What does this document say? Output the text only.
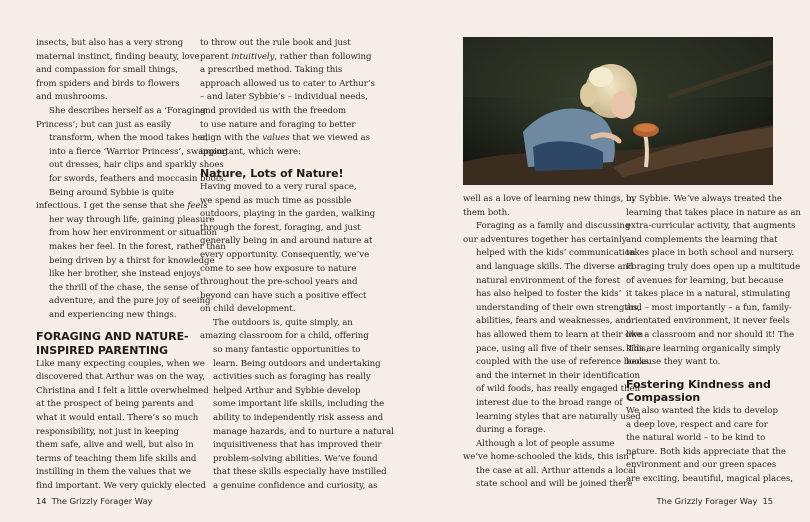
insects, but also has a very strong
maternal instinct, finding beauty, love
and compassion for small things,
from spiders and birds to flowers
and mushrooms.

She describes herself as a ‘Foraging
Princess’; but can just as easily
transform, when the mood takes her,
into a fierce ‘Warrior Princess’, swapping
out dresses, hair clips and sparkly shoes
for swords, feathers and moccasin boots.

Being around Sybbie is quite
infectious. I get the sense that she feels
her way through life, gaining pleasure
from how her environment or situation
makes her feel. In the forest, rather than
being driven by a thirst for knowledge
like her brother, she instead enjoys
the thrill of the chase, the sense of
adventure, and the pure joy of seeing
and experiencing new things.

FORAGING AND NATURE-
INSPIRED PARENTING

Like many expecting couples, when we
discovered that Arthur was on the way,
Christina and I felt a little overwhelmed
at the prospect of being parents and
what it would entail. There’s so much
responsibility, not just in keeping
them safe, alive and well, but also in
terms of teaching them life skills and
instilling in them the values that we
find important. We very quickly elected

to throw out the rule book and just
parent intuitively, rather than following
a prescribed method. Taking this
approach allowed us to cater to Arthur’s
– and later Sybbie’s – individual needs,
and provided us with the freedom
to use nature and foraging to better
align with the values that we viewed as
important, which were:

Nature, Lots of Nature!

Having moved to a very rural space,
we spend as much time as possible
outdoors, playing in the garden, walking
through the forest, foraging, and just
generally being in and around nature at
every opportunity. Consequently, we’ve
come to see how exposure to nature
throughout the pre-school years and
beyond can have such a positive effect
on child development.

The outdoors is, quite simply, an
amazing classroom for a child, offering
so many fantastic opportunities to
learn. Being outdoors and undertaking
activities such as foraging has really
helped Arthur and Sybbie develop
some important life skills, including the
ability to independently risk assess and
manage hazards, and to nurture a natural
inquisitiveness that has improved their
problem-solving abilities. We’ve found
that these skills especially have instilled
a genuine confidence and curiosity, as

well as a love of learning new things, in
them both.

Foraging as a family and discussing
our adventures together has certainly
helped with the kids’ communication
and language skills. The diverse and
natural environment of the forest
has also helped to foster the kids’
understanding of their own strengths,
abilities, fears and weaknesses, and
has allowed them to learn at their own
pace, using all five of their senses. This,
coupled with the use of reference books
and the internet in their identification
of wild foods, has really engaged their
interest due to the broad range of
learning styles that are naturally used
during a forage.

Although a lot of people assume
we’ve home-schooled the kids, this isn’t
the case at all. Arthur attends a local
state school and will be joined there

by Sybbie. We’ve always treated the
learning that takes place in nature as an
extra-curricular activity, that augments
and complements the learning that
takes place in both school and nursery.
Foraging truly does open up a multitude
of avenues for learning, but because
it takes place in a natural, stimulating
and – most importantly – a fun, family-
orientated environment, it never feels
like a classroom and nor should it! The
kids are learning organically simply
because they want to.

Fostering Kindness and
Compassion

We also wanted the kids to develop
a deep love, respect and care for
the natural world – to be kind to
nature. Both kids appreciate that the
environment and our green spaces
are exciting, beautiful, magical places,

14 The Grizzly Forager Way	The Grizzly Forager Way 15
